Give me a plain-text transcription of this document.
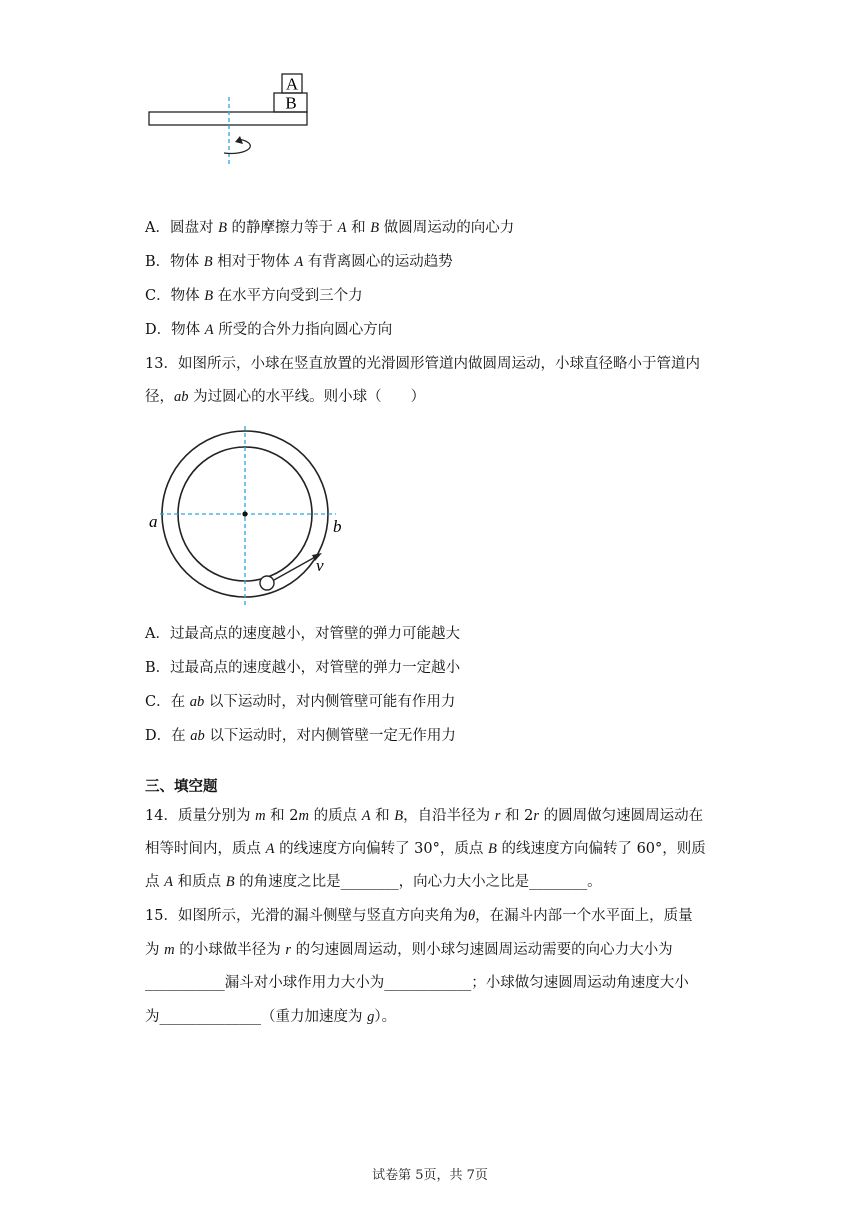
A
B
A．圆盘对 B 的静摩擦力等于 A 和 B 做圆周运动的向心力
B．物体 B 相对于物体 A 有背离圆心的运动趋势
C．物体 B 在水平方向受到三个力
D．物体 A 所受的合外力指向圆心方向
13．如图所示，小球在竖直放置的光滑圆形管道内做圆周运动，小球直径略小于管道内
径，ab 为过圆心的水平线。则小球（　　）
a	b
v
A．过最高点的速度越小，对管壁的弹力可能越大
B．过最高点的速度越小，对管壁的弹力一定越小
C．在 ab 以下运动时，对内侧管壁可能有作用力
D．在 ab 以下运动时，对内侧管壁一定无作用力
三、填空题
14．质量分别为 m 和 2m 的质点 A 和 B，自沿半径为 r 和 2r 的圆周做匀速圆周运动在
相等时间内，质点 A 的线速度方向偏转了 30°，质点 B 的线速度方向偏转了 60°，则质
点 A 和质点 B 的角速度之比是________，向心力大小之比是________。
15．如图所示，光滑的漏斗侧壁与竖直方向夹角为θ，在漏斗内部一个水平面上，质量
为 m 的小球做半径为 r 的匀速圆周运动，则小球匀速圆周运动需要的向心力大小为
___________漏斗对小球作用力大小为____________；小球做匀速圆周运动角速度大小
为______________（重力加速度为 g）。
试卷第 5页，共 7页
